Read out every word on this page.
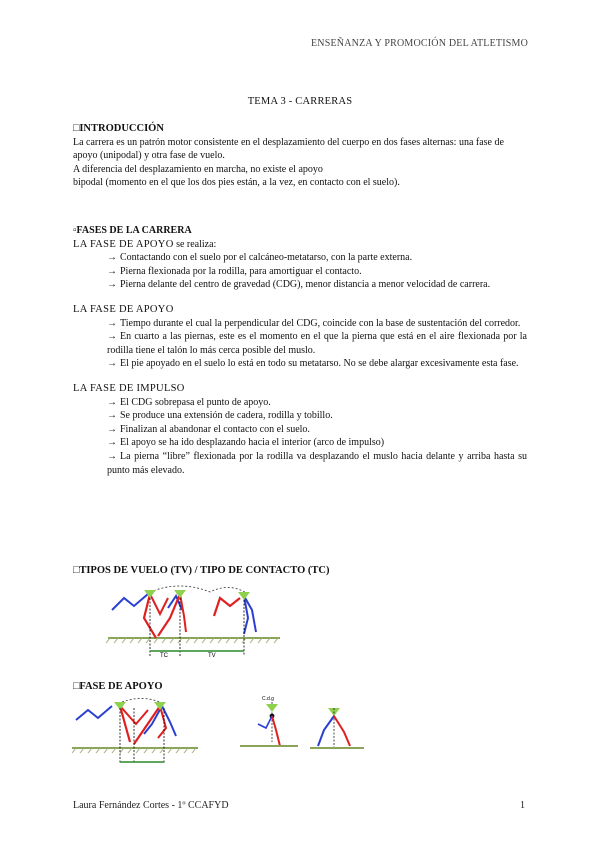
ENSEÑANZA Y PROMOCIÓN DEL ATLETISMO
TEMA 3 - CARRERAS
□INTRODUCCIÓN

La carrera es un patrón motor consistente en el desplazamiento del cuerpo en dos fases alternas: una fase de

apoyo (unipodal) y otra fase de vuelo.

A diferencia del desplazamiento en marcha, no existe el apoyo

bipodal (momento en el que los dos pies están, a la vez, en contacto con el suelo).

▫FASES DE LA CARRERA
LA FASE DE APOYO se realiza:
→ Contactando con el suelo por el calcáneo-metatarso, con la parte externa.
→ Pierna flexionada por la rodilla, para amortiguar el contacto.
→ Pierna delante del centro de gravedad (CDG), menor distancia a menor velocidad de carrera.
LA FASE DE APOYO
→ Tiempo durante el cual la perpendicular del CDG, coincide con la base de sustentación del corredor.
→ En cuarto a las piernas, este es el momento en el que la pierna que está en el aire flexionada por la rodilla tiene el talón lo más cerca posible del muslo.
→ El pie apoyado en el suelo lo está en todo su metatarso. No se debe alargar excesivamente esta fase.
LA FASE DE IMPULSO
→ El CDG sobrepasa el punto de apoyo.
→ Se produce una extensión de cadera, rodilla y tobillo.
→ Finalizan al abandonar el contacto con el suelo.
→ El apoyo se ha ido desplazando hacia el interior (arco de impulso)
→ La pierna “libre” flexionada por la rodilla va desplazando el muslo hacia delante y arriba hasta su punto más elevado.
□TIPOS DE VUELO (TV) / TIPO DE CONTACTO (TC)
TC	TV
□FASE DE APOYO
C.d.g
Laura Fernández Cortes - 1º CCAFYD	1
